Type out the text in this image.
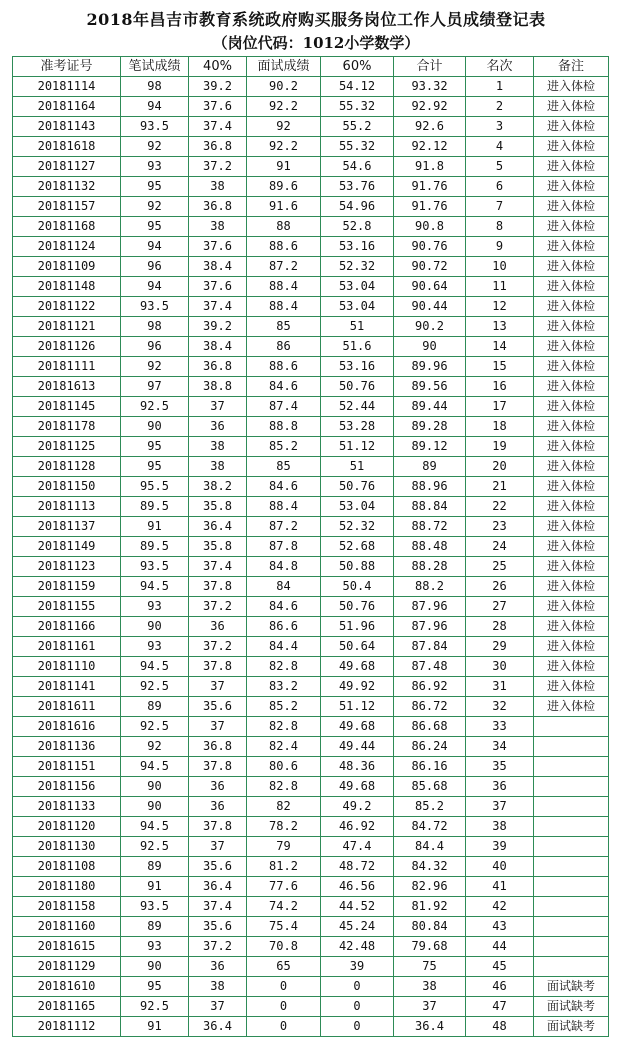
2018年昌吉市教育系统政府购买服务岗位工作人员成绩登记表
（岗位代码：1012小学数学）
准考证号	笔试成绩	40%	面试成绩	60%	合计	名次	备注
20181114	98	39.2	90.2	54.12	93.32	1	进入体检
20181164	94	37.6	92.2	55.32	92.92	2	进入体检
20181143	93.5	37.4	92	55.2	92.6	3	进入体检
20181618	92	36.8	92.2	55.32	92.12	4	进入体检
20181127	93	37.2	91	54.6	91.8	5	进入体检
20181132	95	38	89.6	53.76	91.76	6	进入体检
20181157	92	36.8	91.6	54.96	91.76	7	进入体检
20181168	95	38	88	52.8	90.8	8	进入体检
20181124	94	37.6	88.6	53.16	90.76	9	进入体检
20181109	96	38.4	87.2	52.32	90.72	10	进入体检
20181148	94	37.6	88.4	53.04	90.64	11	进入体检
20181122	93.5	37.4	88.4	53.04	90.44	12	进入体检
20181121	98	39.2	85	51	90.2	13	进入体检
20181126	96	38.4	86	51.6	90	14	进入体检
20181111	92	36.8	88.6	53.16	89.96	15	进入体检
20181613	97	38.8	84.6	50.76	89.56	16	进入体检
20181145	92.5	37	87.4	52.44	89.44	17	进入体检
20181178	90	36	88.8	53.28	89.28	18	进入体检
20181125	95	38	85.2	51.12	89.12	19	进入体检
20181128	95	38	85	51	89	20	进入体检
20181150	95.5	38.2	84.6	50.76	88.96	21	进入体检
20181113	89.5	35.8	88.4	53.04	88.84	22	进入体检
20181137	91	36.4	87.2	52.32	88.72	23	进入体检
20181149	89.5	35.8	87.8	52.68	88.48	24	进入体检
20181123	93.5	37.4	84.8	50.88	88.28	25	进入体检
20181159	94.5	37.8	84	50.4	88.2	26	进入体检
20181155	93	37.2	84.6	50.76	87.96	27	进入体检
20181166	90	36	86.6	51.96	87.96	28	进入体检
20181161	93	37.2	84.4	50.64	87.84	29	进入体检
20181110	94.5	37.8	82.8	49.68	87.48	30	进入体检
20181141	92.5	37	83.2	49.92	86.92	31	进入体检
20181611	89	35.6	85.2	51.12	86.72	32	进入体检
20181616	92.5	37	82.8	49.68	86.68	33	
20181136	92	36.8	82.4	49.44	86.24	34	
20181151	94.5	37.8	80.6	48.36	86.16	35	
20181156	90	36	82.8	49.68	85.68	36	
20181133	90	36	82	49.2	85.2	37	
20181120	94.5	37.8	78.2	46.92	84.72	38	
20181130	92.5	37	79	47.4	84.4	39	
20181108	89	35.6	81.2	48.72	84.32	40	
20181180	91	36.4	77.6	46.56	82.96	41	
20181158	93.5	37.4	74.2	44.52	81.92	42	
20181160	89	35.6	75.4	45.24	80.84	43	
20181615	93	37.2	70.8	42.48	79.68	44	
20181129	90	36	65	39	75	45	
20181610	95	38	0	0	38	46	面试缺考
20181165	92.5	37	0	0	37	47	面试缺考
20181112	91	36.4	0	0	36.4	48	面试缺考
